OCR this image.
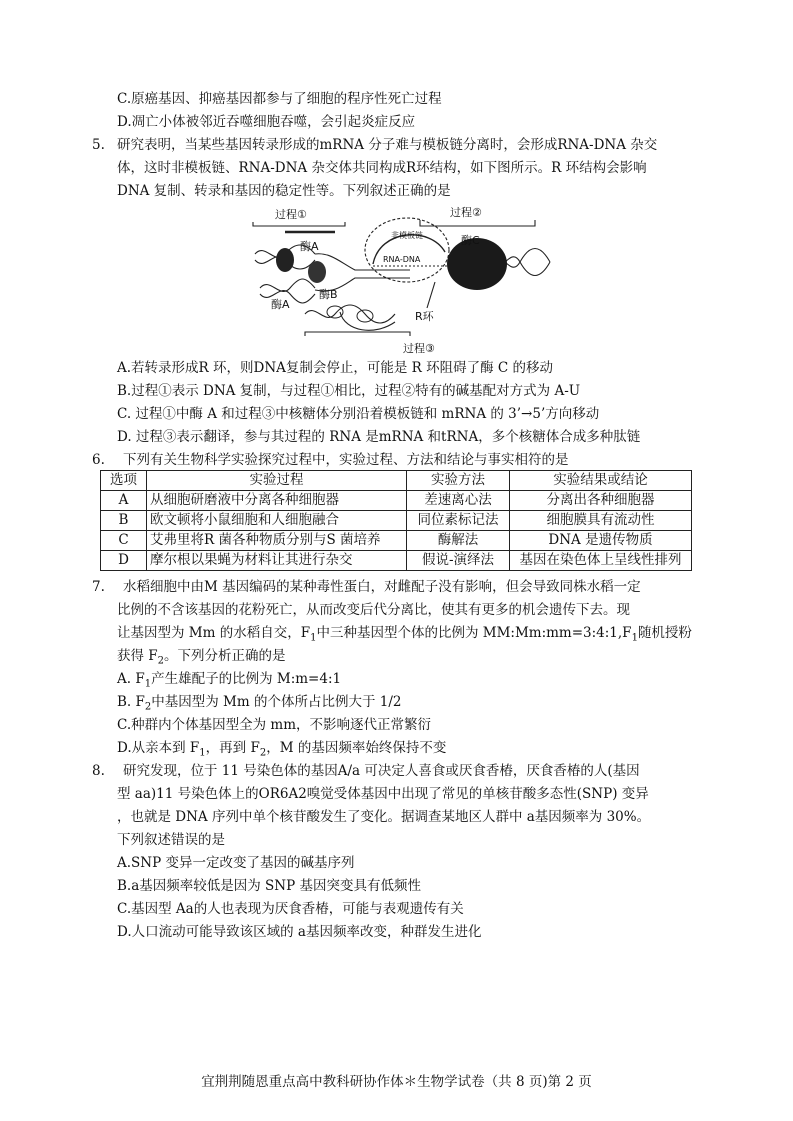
C.原癌基因、抑癌基因都参与了细胞的程序性死亡过程
D.凋亡小体被邻近吞噬细胞吞噬，会引起炎症反应
5. 研究表明，当某些基因转录形成的mRNA 分子难与模板链分离时，会形成RNA-DNA 杂交
体，这时非模板链、RNA-DNA 杂交体共同构成R环结构，如下图所示。R 环结构会影响
DNA 复制、转录和基因的稳定性等。下列叙述正确的是
过程①	过程②
酶A
酶A
酶B
酶C
过程③
R环
非模板链
RNA-DNA
A.若转录形成R 环，则DNA复制会停止，可能是 R 环阻碍了酶 C 的移动
B.过程①表示 DNA 复制，与过程①相比，过程②特有的碱基配对方式为 A-U
C. 过程①中酶 A 和过程③中核糖体分别沿着模板链和 mRNA 的 3’→5’方向移动
D. 过程③表示翻译，参与其过程的 RNA 是mRNA 和tRNA，多个核糖体合成多种肽链
6. 下列有关生物科学实验探究过程中，实验过程、方法和结论与事实相符的是
选项	实验过程	实验方法	实验结果或结论
A	从细胞研磨液中分离各种细胞器	差速离心法	分离出各种细胞器
B	欧文顿将小鼠细胞和人细胞融合	同位素标记法	细胞膜具有流动性
C	艾弗里将R 菌各种物质分别与S 菌培养	酶解法	DNA 是遗传物质
D	摩尔根以果蝇为材料让其进行杂交	假说-演绎法	基因在染色体上呈线性排列
7. 水稻细胞中由M 基因编码的某种毒性蛋白，对雌配子没有影响，但会导致同株水稻一定
比例的不含该基因的花粉死亡，从而改变后代分离比，使其有更多的机会遗传下去。现
让基因型为 Mm 的水稻自交，$F_1$中三种基因型个体的比例为 $MM:Mm:mm=3:4:1,F_1$随机授粉
获得 $F_2$。下列分析正确的是
A. $F_1$产生雄配子的比例为 M:m=4:1
B. $F_2$中基因型为 Mm 的个体所占比例大于 1/2
C.种群内个体基因型全为 mm，不影响逐代正常繁衍
D.从亲本到 $F_1$，再到 $F_2$，M 的基因频率始终保持不变
8. 研究发现，位于 11 号染色体的基因A/a 可决定人喜食或厌食香椿，厌食香椿的人(基因
型 aa)11 号染色体上的OR6A2嗅觉受体基因中出现了常见的单核苷酸多态性(SNP) 变异
，也就是 DNA 序列中单个核苷酸发生了变化。据调查某地区人群中 a基因频率为 30%。
下列叙述错误的是
A.SNP 变异一定改变了基因的碱基序列
B.a基因频率较低是因为 SNP 基因突变具有低频性
C.基因型 Aa的人也表现为厌食香椿，可能与表观遗传有关
D.人口流动可能导致该区域的 a基因频率改变，种群发生进化
宜荆荆随恩重点高中教科研协作体＊生物学试卷（共 8 页)第 2 页
